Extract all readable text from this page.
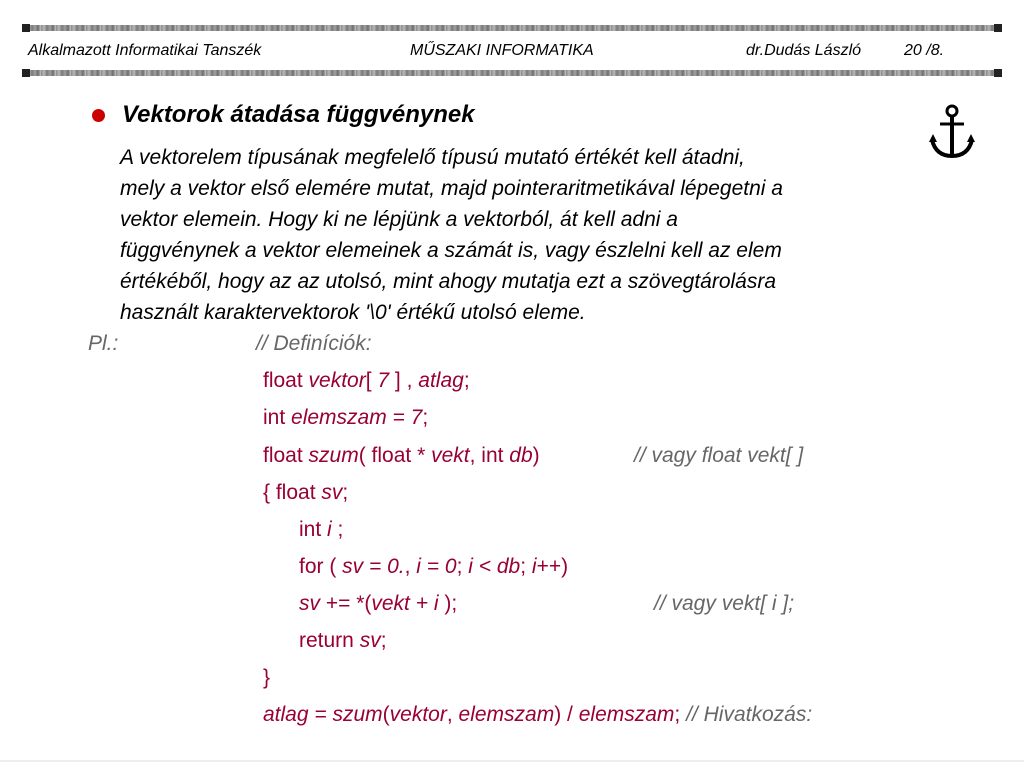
Alkalmazott Informatikai Tanszék	MŰSZAKI INFORMATIKA	dr.Dudás László	20 /8.
Vektorok átadása függvénynek
A vektorelem típusának megfelelő típusú mutató értékét kell átadni,
mely a vektor első elemére mutat, majd pointeraritmetikával lépegetni a
vektor elemein. Hogy ki ne lépjünk a vektorból, át kell adni a
függvénynek a vektor elemeinek a számát is, vagy észlelni kell az elem
értékéből, hogy az az utolsó, mint ahogy mutatja ezt a szövegtárolásra
használt karaktervektorok '\0' értékű utolsó eleme.
Pl.:	// Definíciók:
float vektor[ 7 ] , atlag;
int elemszam = 7;
float szum( float * vekt, int db)	// vagy float vekt[ ]
{ float sv;
int i ;
for ( sv = 0., i = 0; i < db; i++)
sv += *(vekt + i );	// vagy vekt[ i ];
return sv;
}
atlag = szum(vektor, elemszam) / elemszam; // Hivatkozás:
